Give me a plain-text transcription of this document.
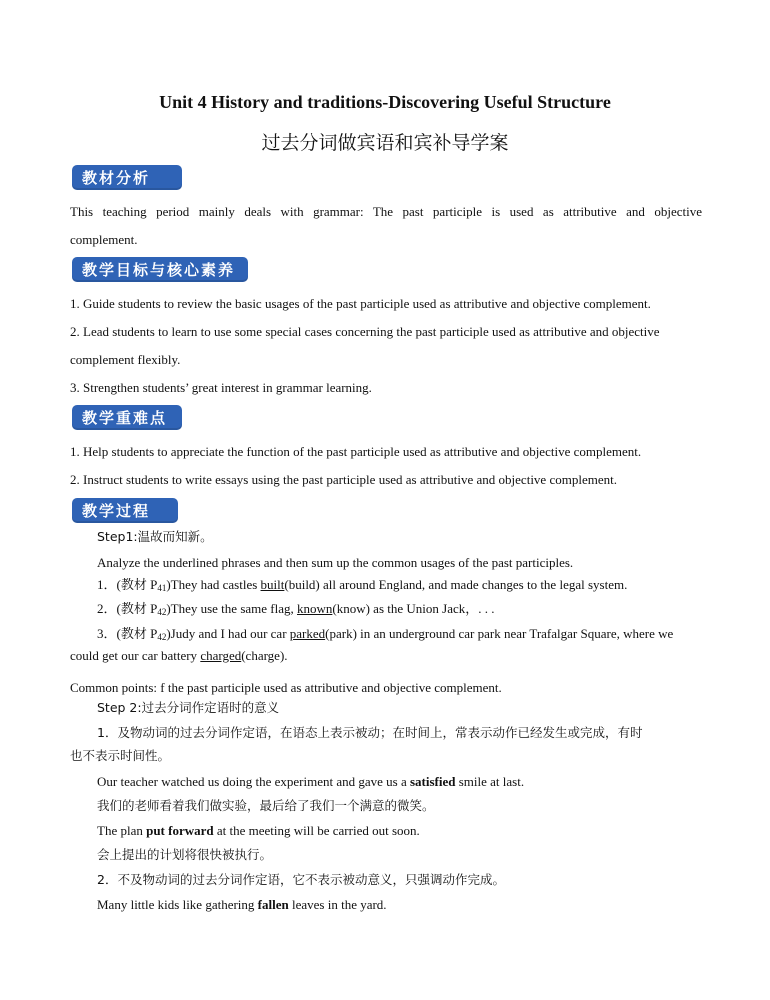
Unit 4 History and traditions-Discovering Useful Structure
过去分词做宾语和宾补导学案
教材分析
This teaching period mainly deals with grammar: The past participle is used as attributive and objective
complement.
教学目标与核心素养
1. Guide students to review the basic usages of the past participle used as attributive and objective complement.
2. Lead students to learn to use some special cases concerning the past participle used as attributive and objective
complement flexibly.
3. Strengthen students’ great interest in grammar learning.
教学重难点
1. Help students to appreciate the function of the past participle used as attributive and objective complement.
2. Instruct students to write essays using the past participle used as attributive and objective complement.
教学过程
Step1:温故而知新。
Analyze the underlined phrases and then sum up the common usages of the past participles.
1．(教材 $P_{41})They$ had castles built(build) all around England, and made changes to the legal system.
2．(教材 $P_{42})They$ use the same flag, known(know) as the Union Jack，. . .
3．(教材 $P_{42})Judy$ and I had our car parked(park) in an underground car park near Trafalgar Square, where we
could get our car battery charged(charge).
Common points: f the past participle used as attributive and objective complement.
Step 2:过去分词作定语时的意义
1．及物动词的过去分词作定语，在语态上表示被动；在时间上，常表示动作已经发生或完成，有时
也不表示时间性。
Our teacher watched us doing the experiment and gave us a satisfied smile at last.
我们的老师看着我们做实验，最后给了我们一个满意的微笑。
The plan put forward at the meeting will be carried out soon.
会上提出的计划将很快被执行。
2．不及物动词的过去分词作定语，它不表示被动意义，只强调动作完成。
Many little kids like gathering fallen leaves in the yard.
